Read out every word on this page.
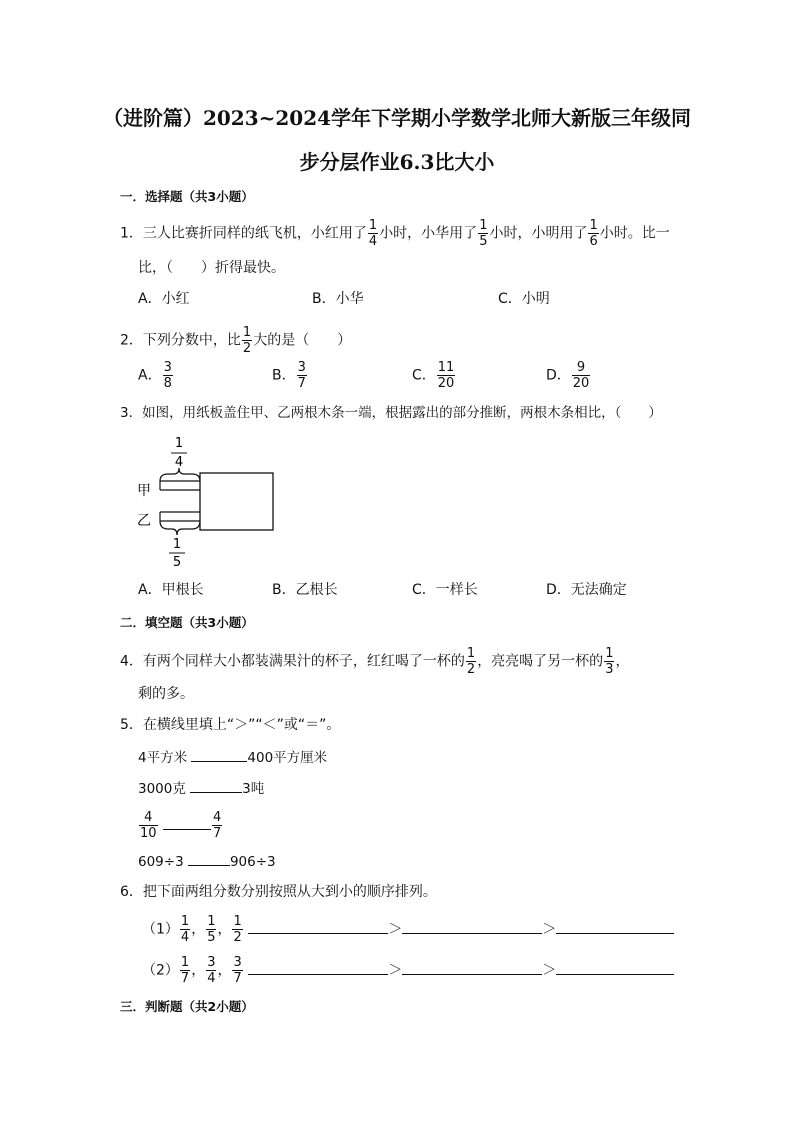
（进阶篇）2023~2024学年下学期小学数学北师大新版三年级同
步分层作业6.3比大小
一．选择题（共3小题）
1．三人比赛折同样的纸飞机，小红用了 $\frac{1}{4}$ 小时，小华用了 $\frac{1}{5}$ 小时，小明用了 $\frac{1}{6}$ 小时。比一
比，（　　）折得最快。
A．小红	B．小华	C．小明
2．下列分数中，比 $\frac{1}{2}$ 大的是（　　）
A． $\frac{3}{8}$	B． $\frac{3}{7}$	C． $\frac{11}{20}$	D． $\frac{9}{20}$
3．如图，用纸板盖住甲、乙两根木条一端，根据露出的部分推断，两根木条相比，（　　）
1
4
甲
乙
1
5
A．甲根长	B．乙根长	C．一样长	D．无法确定
二．填空题（共3小题）
4．有两个同样大小都装满果汁的杯子，红红喝了一杯的 $\frac{1}{2}$ ，亮亮喝了另一杯的 $\frac{1}{3}$ ，
剩的多。
5．在横线里填上“＞”“＜”或“＝”。
4平方米	400平方厘米
3000克	3吨
$\frac{4}{10}$
	$\frac{4}{7}$
609÷3	906÷3
6．把下面两组分数分别按照从大到小的顺序排列。
$(1) \frac{1}{4}$ ， $\frac{1}{5}$ ， $\frac{1}{2}$	＞	＞
$(2) \frac{1}{7}$ ， $\frac{3}{4}$ ， $\frac{3}{7}$	＞	＞
三．判断题（共2小题）
